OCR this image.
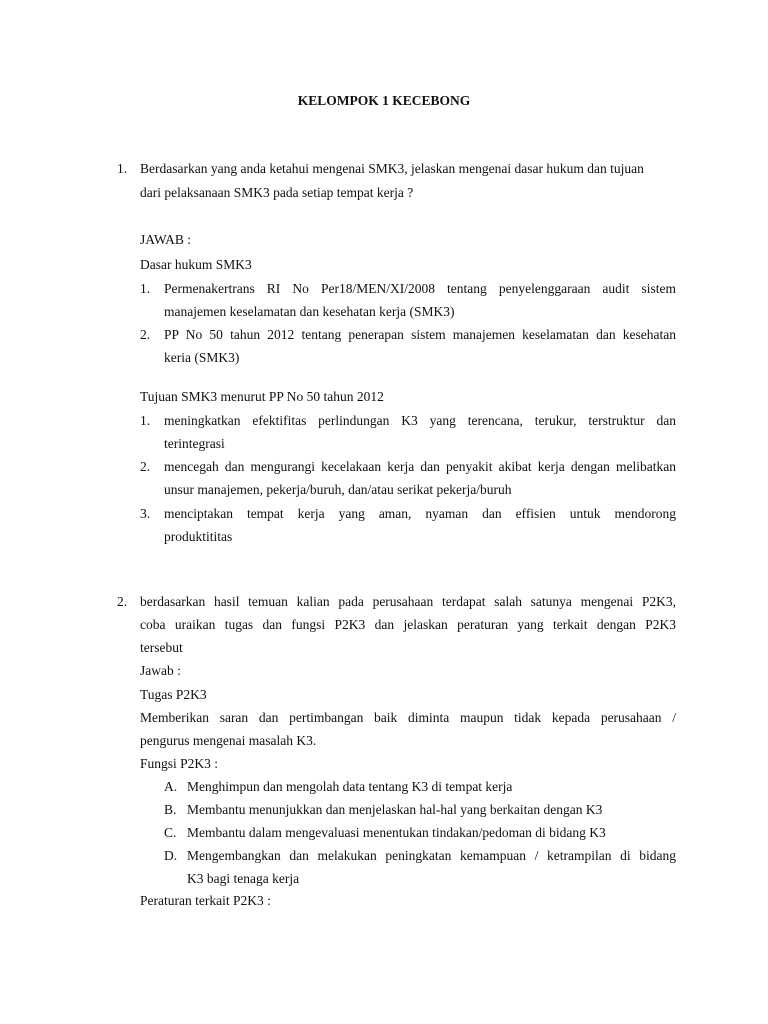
KELOMPOK 1 KECEBONG
1. Berdasarkan yang anda ketahui mengenai SMK3, jelaskan mengenai dasar hukum dan tujuan
dari pelaksanaan SMK3 pada setiap tempat kerja ?
JAWAB :
Dasar hukum SMK3
1. Permenakertrans RI No Per18/MEN/XI/2008 tentang penyelenggaraan audit sistem
manajemen keselamatan dan kesehatan kerja (SMK3)
2. PP No 50 tahun 2012 tentang penerapan sistem manajemen keselamatan dan kesehatan
keria (SMK3)
Tujuan SMK3 menurut PP No 50 tahun 2012
1. meningkatkan efektifitas perlindungan K3 yang terencana, terukur, terstruktur dan
terintegrasi
2. mencegah dan mengurangi kecelakaan kerja dan penyakit akibat kerja dengan melibatkan
unsur manajemen, pekerja/buruh, dan/atau serikat pekerja/buruh
3. menciptakan tempat kerja yang aman, nyaman dan effisien untuk mendorong
produktititas
2. berdasarkan hasil temuan kalian pada perusahaan terdapat salah satunya mengenai P2K3,
coba uraikan tugas dan fungsi P2K3 dan jelaskan peraturan yang terkait dengan P2K3
tersebut
Jawab :
Tugas P2K3
Memberikan saran dan pertimbangan baik diminta maupun tidak kepada perusahaan /
pengurus mengenai masalah K3.
Fungsi P2K3 :
A. Menghimpun dan mengolah data tentang K3 di tempat kerja
B. Membantu menunjukkan dan menjelaskan hal-hal yang berkaitan dengan K3
C. Membantu dalam mengevaluasi menentukan tindakan/pedoman di bidang K3
D. Mengembangkan dan melakukan peningkatan kemampuan / ketrampilan di bidang
K3 bagi tenaga kerja
Peraturan terkait P2K3 :
